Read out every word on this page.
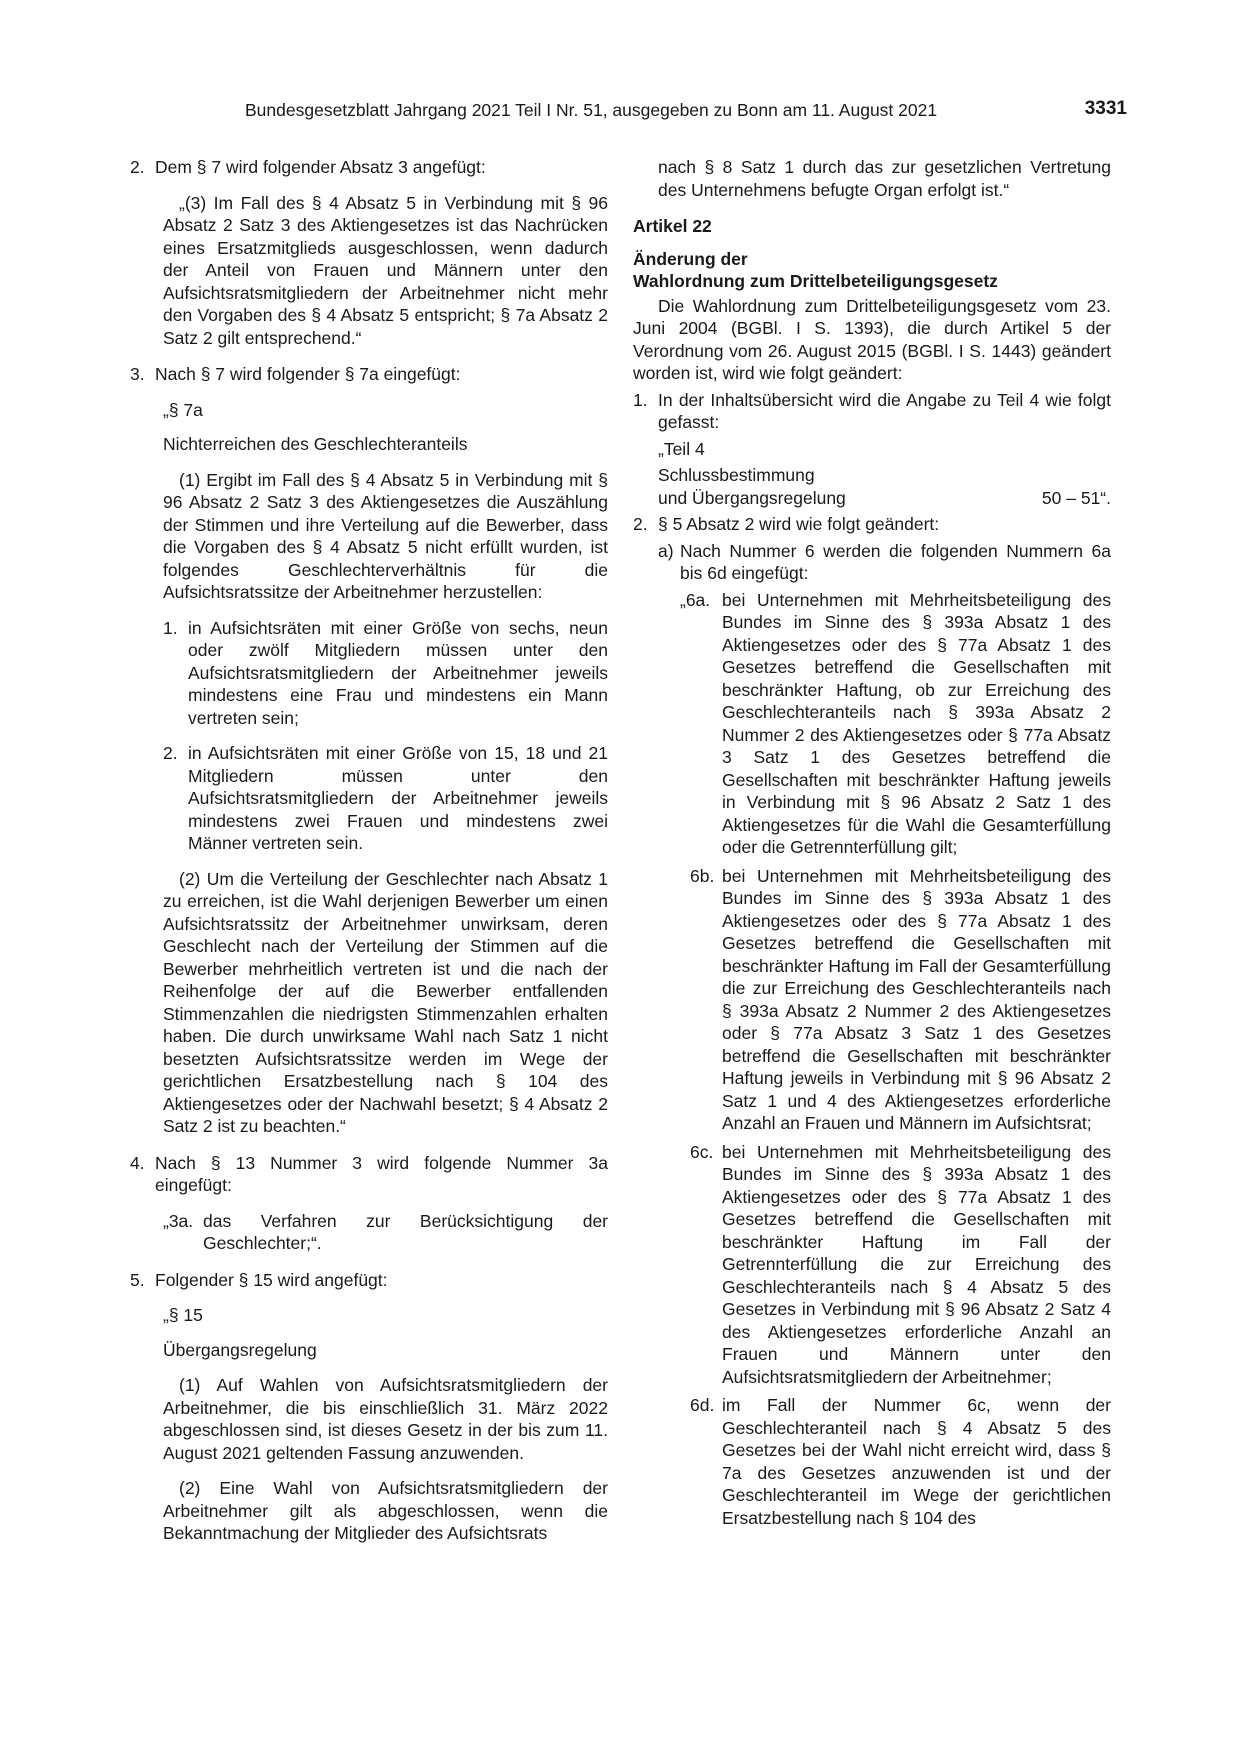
Bundesgesetzblatt Jahrgang 2021 Teil I Nr. 51, ausgegeben zu Bonn am 11. August 2021	3331
2. Dem § 7 wird folgender Absatz 3 angefügt:

„(3) Im Fall des § 4 Absatz 5 in Verbindung mit § 96 Absatz 2 Satz 3 des Aktiengesetzes ist das Nachrücken eines Ersatzmitglieds ausgeschlossen, wenn dadurch der Anteil von Frauen und Männern unter den Aufsichtsratsmitgliedern der Arbeitnehmer nicht mehr den Vorgaben des § 4 Absatz 5 entspricht; § 7a Absatz 2 Satz 2 gilt entsprechend.“

3. Nach § 7 wird folgender § 7a eingefügt:

„§ 7a

Nichterreichen des Geschlechteranteils

(1) Ergibt im Fall des § 4 Absatz 5 in Verbindung mit § 96 Absatz 2 Satz 3 des Aktiengesetzes die Auszählung der Stimmen und ihre Verteilung auf die Bewerber, dass die Vorgaben des § 4 Absatz 5 nicht erfüllt wurden, ist folgendes Geschlechterverhältnis für die Aufsichtsratssitze der Arbeitnehmer herzustellen:

1. in Aufsichtsräten mit einer Größe von sechs, neun oder zwölf Mitgliedern müssen unter den Aufsichtsratsmitgliedern der Arbeitnehmer jeweils mindestens eine Frau und mindestens ein Mann vertreten sein;

2. in Aufsichtsräten mit einer Größe von 15, 18 und 21 Mitgliedern müssen unter den Aufsichtsratsmitgliedern der Arbeitnehmer jeweils mindestens zwei Frauen und mindestens zwei Männer vertreten sein.

(2) Um die Verteilung der Geschlechter nach Absatz 1 zu erreichen, ist die Wahl derjenigen Bewerber um einen Aufsichtsratssitz der Arbeitnehmer unwirksam, deren Geschlecht nach der Verteilung der Stimmen auf die Bewerber mehrheitlich vertreten ist und die nach der Reihenfolge der auf die Bewerber entfallenden Stimmenzahlen die niedrigsten Stimmenzahlen erhalten haben. Die durch unwirksame Wahl nach Satz 1 nicht besetzten Aufsichtsratssitze werden im Wege der gerichtlichen Ersatzbestellung nach § 104 des Aktiengesetzes oder der Nachwahl besetzt; § 4 Absatz 2 Satz 2 ist zu beachten.“

4. Nach § 13 Nummer 3 wird folgende Nummer 3a eingefügt:

„3a. das Verfahren zur Berücksichtigung der Geschlechter;“.

5. Folgender § 15 wird angefügt:

„§ 15

Übergangsregelung

(1) Auf Wahlen von Aufsichtsratsmitgliedern der Arbeitnehmer, die bis einschließlich 31. März 2022 abgeschlossen sind, ist dieses Gesetz in der bis zum 11. August 2021 geltenden Fassung anzuwenden.

(2) Eine Wahl von Aufsichtsratsmitgliedern der Arbeitnehmer gilt als abgeschlossen, wenn die Bekanntmachung der Mitglieder des Aufsichtsrats

nach § 8 Satz 1 durch das zur gesetzlichen Vertretung des Unternehmens befugte Organ erfolgt ist.“

Artikel 22

Änderung der

Wahlordnung zum Drittelbeteiligungsgesetz

Die Wahlordnung zum Drittelbeteiligungsgesetz vom 23. Juni 2004 (BGBl. I S. 1393), die durch Artikel 5 der Verordnung vom 26. August 2015 (BGBl. I S. 1443) geändert worden ist, wird wie folgt geändert:

1. In der Inhaltsübersicht wird die Angabe zu Teil 4 wie folgt gefasst:

„Teil 4

Schlussbestimmung

und Übergangsregelung	50 – 51“.
2. § 5 Absatz 2 wird wie folgt geändert:

a) Nach Nummer 6 werden die folgenden Nummern 6a bis 6d eingefügt:

„6a. bei Unternehmen mit Mehrheitsbeteiligung des Bundes im Sinne des § 393a Absatz 1 des Aktiengesetzes oder des § 77a Absatz 1 des Gesetzes betreffend die Gesellschaften mit beschränkter Haftung, ob zur Erreichung des Geschlechteranteils nach § 393a Absatz 2 Nummer 2 des Aktiengesetzes oder § 77a Absatz 3 Satz 1 des Gesetzes betreffend die Gesellschaften mit beschränkter Haftung jeweils in Verbindung mit § 96 Absatz 2 Satz 1 des Aktiengesetzes für die Wahl die Gesamterfüllung oder die Getrennterfüllung gilt;

6b. bei Unternehmen mit Mehrheitsbeteiligung des Bundes im Sinne des § 393a Absatz 1 des Aktiengesetzes oder des § 77a Absatz 1 des Gesetzes betreffend die Gesellschaften mit beschränkter Haftung im Fall der Gesamterfüllung die zur Erreichung des Geschlechteranteils nach § 393a Absatz 2 Nummer 2 des Aktiengesetzes oder § 77a Absatz 3 Satz 1 des Gesetzes betreffend die Gesellschaften mit beschränkter Haftung jeweils in Verbindung mit § 96 Absatz 2 Satz 1 und 4 des Aktiengesetzes erforderliche Anzahl an Frauen und Männern im Aufsichtsrat;

6c. bei Unternehmen mit Mehrheitsbeteiligung des Bundes im Sinne des § 393a Absatz 1 des Aktiengesetzes oder des § 77a Absatz 1 des Gesetzes betreffend die Gesellschaften mit beschränkter Haftung im Fall der Getrennterfüllung die zur Erreichung des Geschlechteranteils nach § 4 Absatz 5 des Gesetzes in Verbindung mit § 96 Absatz 2 Satz 4 des Aktiengesetzes erforderliche Anzahl an Frauen und Männern unter den Aufsichtsratsmitgliedern der Arbeitnehmer;

6d. im Fall der Nummer 6c, wenn der Geschlechteranteil nach § 4 Absatz 5 des Gesetzes bei der Wahl nicht erreicht wird, dass § 7a des Gesetzes anzuwenden ist und der Geschlechteranteil im Wege der gerichtlichen Ersatzbestellung nach § 104 des
